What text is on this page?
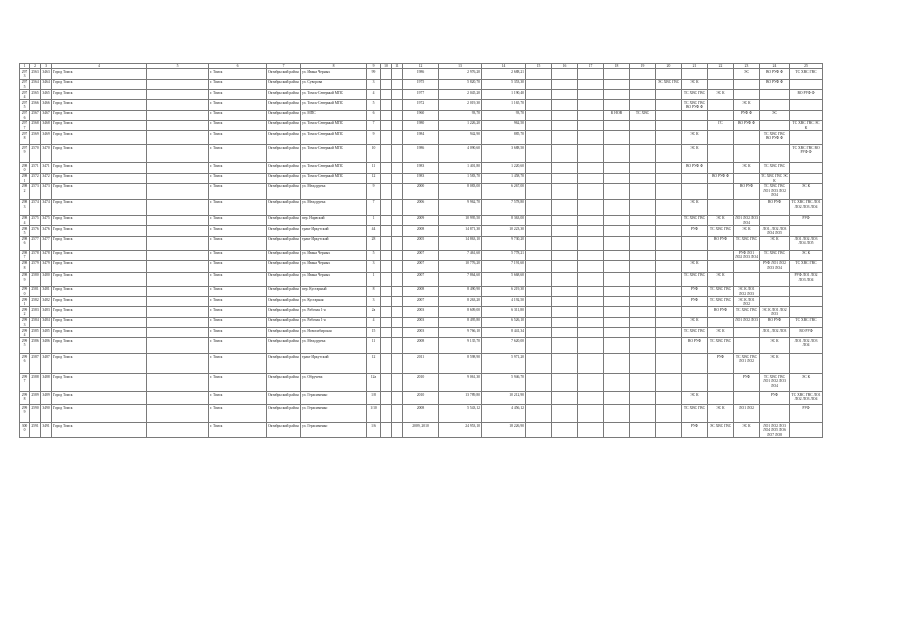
1	2	3	4	5	6	7	8	9	10	11	12	13	14	15	16	17	18	19	20	21	22	23	24	25
2973	2563	3463	Город Томск		г. Томск	Октябрьский район	ул. Ивана Черных	99			1986	2 976,20	2 688,21									ЭС	ВО РУФ Ф	ТС ХВС ГВС
2975	2564	3464	Город Томск		г. Томск	Октябрьский район	ул. Суворова	3			1975	5 820,70	5 353,30						ЭС ХВС ГВС	ЭС К			ВО РУФ Ф	
2974	2565	3465	Город Томск		г. Томск	Октябрьский район	ул. Томск-Северный МПС	4			1977	2 045,20	1 190,40							ТС ХВС ГВС	ЭС К			ВО РУФ Ф
2975	2566	3466	Город Томск		г. Томск	Октябрьский район	ул. Томск-Северный МПС	5			1972	2 019,30	1 165,70							ТС ХВС ГВС ВО РУФ Ф		ЭС К		
2976	2567	3467	Город Томск		г. Томск	Октябрьский район	ул. МПС	6			1960	93,70	93,70				К НОВ	ТС ХВС				РУФ Ф	ЭС	
2977	2568	3468	Город Томск		г. Томск	Октябрьский район	ул. Томск-Северный МПС	7			1980	1 226,20	962,50								ГС	ВО РУФ Ф		ТС ХВС ГВС ЭС К
2978	2569	3469	Город Томск		г. Томск	Октябрьский район	ул. Томск-Северный МПС	9			1984	942,90	885,70							ЭС К			ТС ХВС ГВС ВО РУФ Ф	
2979	2570	3470	Город Томск		г. Томск	Октябрьский район	ул. Томск-Северный МПС	10			1986	4 090,60	3 688,50							ЭС К				ТС ХВС ГВС ВО РУФ Ф
2980	2571	3471	Город Томск		г. Томск	Октябрьский район	ул. Томск-Северный МПС	11			1983	1 401,80	1 220,60							ВО РУФ Ф		ЭС К	ТС ХВС ГВС	
2981	2572	3472	Город Томск		г. Томск	Октябрьский район	ул. Томск-Северный МПС	12			1983	1 583,70	1 458,70								ВО РУФ Ф		ТС ХВС ГВС ЭС К	
2982	2573	3473	Город Томск		г. Томск	Октябрьский район	ул. Междурека	9			2000	8 083,00	6 267,00									ВО РУФ	ТС ХВС ГВС ЛО1 ЛО3 ЛО2 ЛО4	ЭС К
2983	2574	3474	Город Томск		г. Томск	Октябрьский район	ул. Междурека	7			2006	9 962,70	7 578,80							ЭС К			ВО РУФ	ТС ХВС ГВС ЛО1 ЛО2 ЛО3 ЛО4
2984	2575	3475	Город Томск		г. Томск	Октябрьский район	пер. Нарвский	1			2009	10 995,50	8 363,00							ТС ХВС ГВС	ЭС К	ЛО1 ЛО2 ЛО3 ЛО4		РУФ
2985	2576	3476	Город Томск		г. Томск	Октябрьский район	тракт Иркутский	44			2008	14 871,30	10 223,30							РУФ	ТС ХВС ГВС	ЭС К	ЛО1, ЛО2 ЛО3 ЛО4 ЛО5	
2986	2577	3477	Город Томск		г. Томск	Октябрьский район	тракт Иркутский	28			2005	14 863,10	9 730,20								ВО РУФ	ТС ХВС ГВС	ЭС К	ЛО1 ЛО2 ЛО3 ЛО4 ЛО5
2987	2578	3478	Город Томск		г. Томск	Октябрьский район	ул. Ивана Черных	5			2007	7 461,60	5 778,21									РУФ ЛО1 ЛО2 ЛО3 ЛО4	ТС ХВС ГВС	ЭС К
2988	2579	3479	Город Томск		г. Томск	Октябрьский район	ул. Ивана Черных	3			2007	10 776,20	7 191,60							ЭС К			РУФ ЛО1 ЛО2 ЛО3 ЛО4	ТС ХВС ГВС
2989	2580	3480	Город Томск		г. Томск	Октябрьский район	ул. Ивана Черных	1			2007	7 864,60	5 668,60							ТС ХВС ГВС	ЭС К			РУФ ЛО1 ЛО2 ЛО3 ЛО4
2990	2581	3481	Город Томск		г. Томск	Октябрьский район	пер. Кустарный	8			2008	8 490,90	6 219,30							РУФ	ТС ХВС ГВС	ЭС К ЛО1 ЛО2 ЛО3		
2991	2582	3482	Город Томск		г. Томск	Октябрьский район	ул. Кустарная	3			2007	8 263,20	4 192,50							РУФ	ТС ХВС ГВС	ЭС К ЛО1 ЛО2		
2992	2583	3483	Город Томск		г. Томск	Октябрьский район	ул. Рабочая 1-я	2а			2003	8 609,00	6 311,80								ВО РУФ	ТС ХВС ГВС	ЭС К ЛО1 ЛО2 ЛО3	
2993	2584	3484	Город Томск		г. Томск	Октябрьский район	ул. Рабочая 1-я	4			2003	8 495,80	6 526,10							ЭС К		ЛО1 ЛО2 ЛО3	ВО РУФ	ТС ХВС ГВС
2994	2585	3485	Город Томск		г. Томск	Октябрьский район	ул. Новосибирская	15			2003	9 766,10	8 441,34							ТС ХВС ГВС	ЭС К		ЛО1, ЛО2 ЛО3	ВО РУФ
2995	2586	3486	Город Томск		г. Томск	Октябрьский район	ул. Междурека	11			2008	9 135,70	7 620,00							ВО РУФ	ТС ХВС ГВС		ЭС К	ЛО1 ЛО2 ЛО3 ЛО4
2996	2587	3487	Город Томск		г. Томск	Октябрьский район	тракт Иркутский	12			2011	8 598,90	5 971,20								РУФ	ТС ХВС ГВС ЛО1 ЛО2	ЭС К	
2997	2588	3488	Город Томск		г. Томск	Октябрьский район	ул. Обручева	12а			2010	9 061,30	5 946,70									РУФ	ТС ХВС ГВС ЛО1 ЛО2 ЛО3 ЛО4	ЭС К
2998	2589	3489	Город Томск		г. Томск	Октябрьский район	ул. Герасименко	1/8			2010	13 789,80	10 212,90							ЭС К			РУФ	ТС ХВС ГВС ЛО1 ЛО2 ЛО3 ЛО4
2999	2590	3490	Город Томск		г. Томск	Октябрьский район	ул. Герасименко	1/10			2008	5 543,12	4 456,12							ТС ХВС ГВС	ЭС К	ЛО1 ЛО2		РУФ
3000	2591	3491	Город Томск		г. Томск	Октябрьский район	ул. Герасименко	1/6			2009, 2010	24 953,10	18 226,90							РУФ	ЭС ХВС ГВС	ЭС К	ЛО1 ЛО2 ЛО3 ЛО4 ЛО5 ЛО6 ЛО7 ЛО8	
